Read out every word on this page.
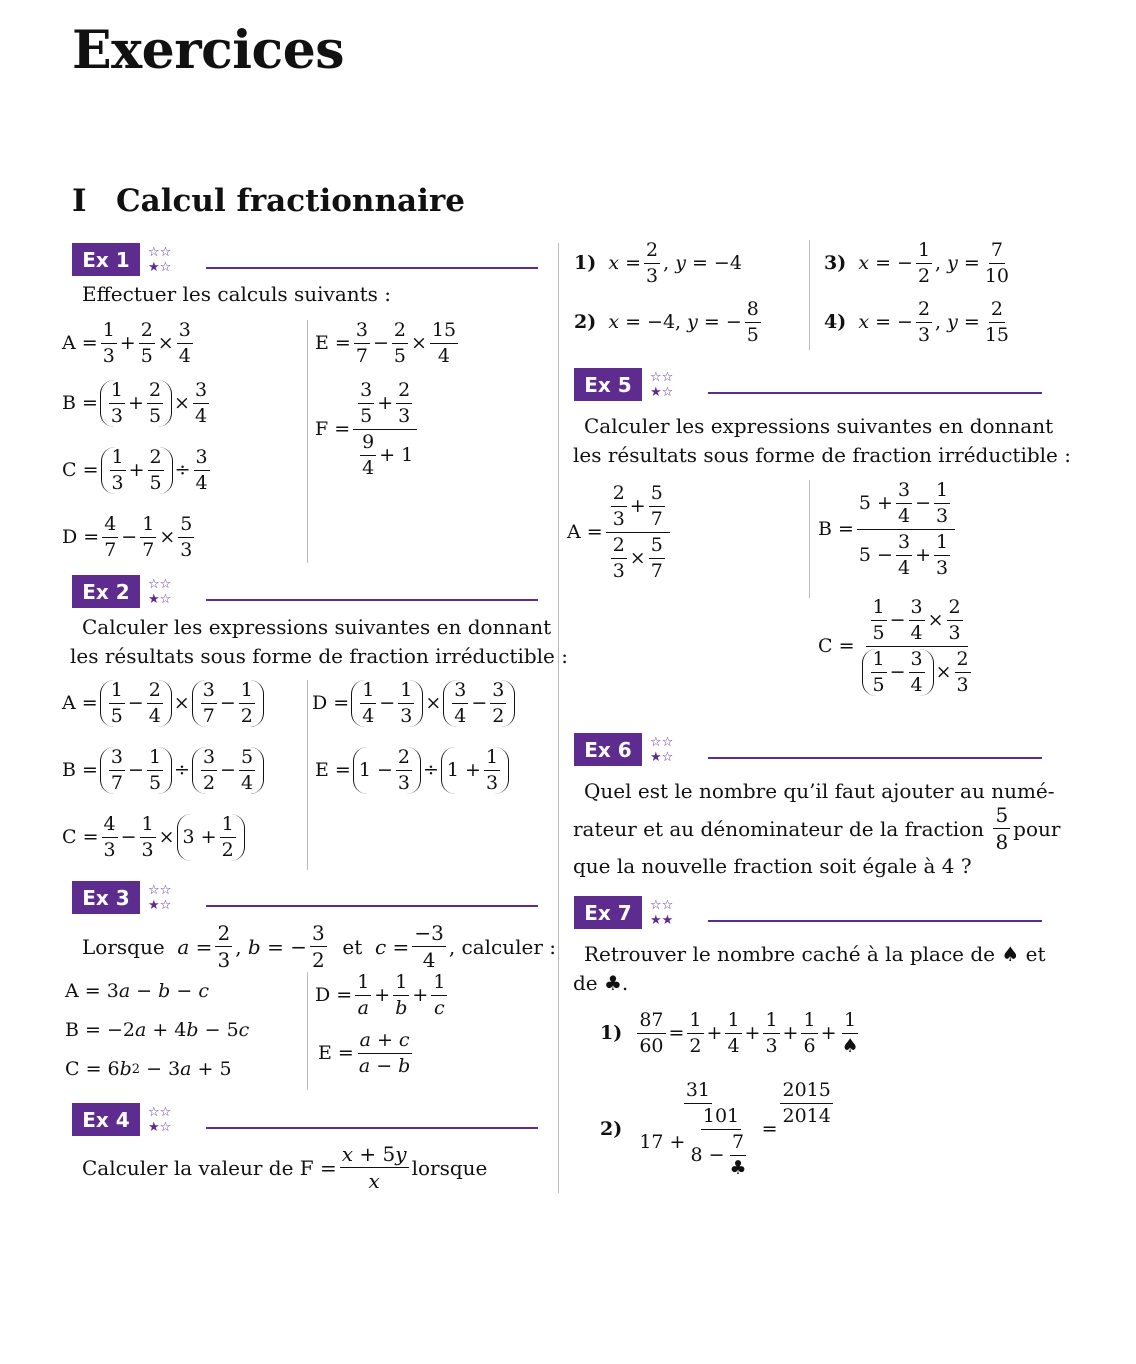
Exercices
I Calcul fractionnaire
Ex 1	☆☆
★☆
Effectuer les calculs suivants :
A =
1
3
+
2
5
×
3
4
B =
1
3
+
2
5
×
3
4
C =
1
3
+
2
5
÷
3
4
D =
4
7
−
1
7
×
5
3
E =
3
7
−
2
5
×
15
4
F =
3
5
+
2
3
9
4
+ 1
Ex 2	☆☆
★☆
Calculer les expressions suivantes en donnant
les résultats sous forme de fraction irréductible :
A =
1
5
−
2
4
×
3
7
−
1
2
B =
3
7
−
1
5
÷
3
2
−
5
4
C =
4
3
−
1
3
× 3 +
1
2
D =
1
4
−
1
3
×
3
4
−
3
2
E = 1 −
2
3
÷ 1 +
1
3
Ex 3	☆☆
★☆
Lorsque
a =
2
3
, b = −
3
2

et
c =
−3
4
, calculer :
A = 3 a − b − c
B = −2 a + 4 b − 5 c
C = 6 b 2 − 3 a + 5
D =
1
a
+
1
b
+
1
c
E =
a + c
a − b
Ex 4	☆☆
★☆
Calculer la valeur de $F = \frac{x + 5y}{x}$ lorsque
1)
x =
2
3
, y = −4
2)
x = −4, y = −
8
5
3)
x = −
1
2
, y =
7
10
4)
x = −
2
3
, y =
2
15
Ex 5	☆☆
★☆
Calculer les expressions suivantes en donnant
les résultats sous forme de fraction irréductible :
A =
2
3
+
5
7
2
3
×
5
7
B =
5 +
3
4
−
1
3
5 −
3
4
+
1
3
C =
1
5
−
3
4
×
2
3
1
5
−
3
4
×
2
3
Ex 6	☆☆
★☆
Quel est le nombre qu’il faut ajouter au numé-
rateur et au dénominateur de la fraction

5
8
pour
que la nouvelle fraction soit égale à 4 ?
Ex 7	☆☆
★★
Retrouver le nombre caché à la place de ♠ et
de ♣.
1)

87
60
=
1
2
+
1
4
+
1
3
+
1
6
+
1
♠
2)

31
17 +
101
8 −
7
♣
=
2015
2014
